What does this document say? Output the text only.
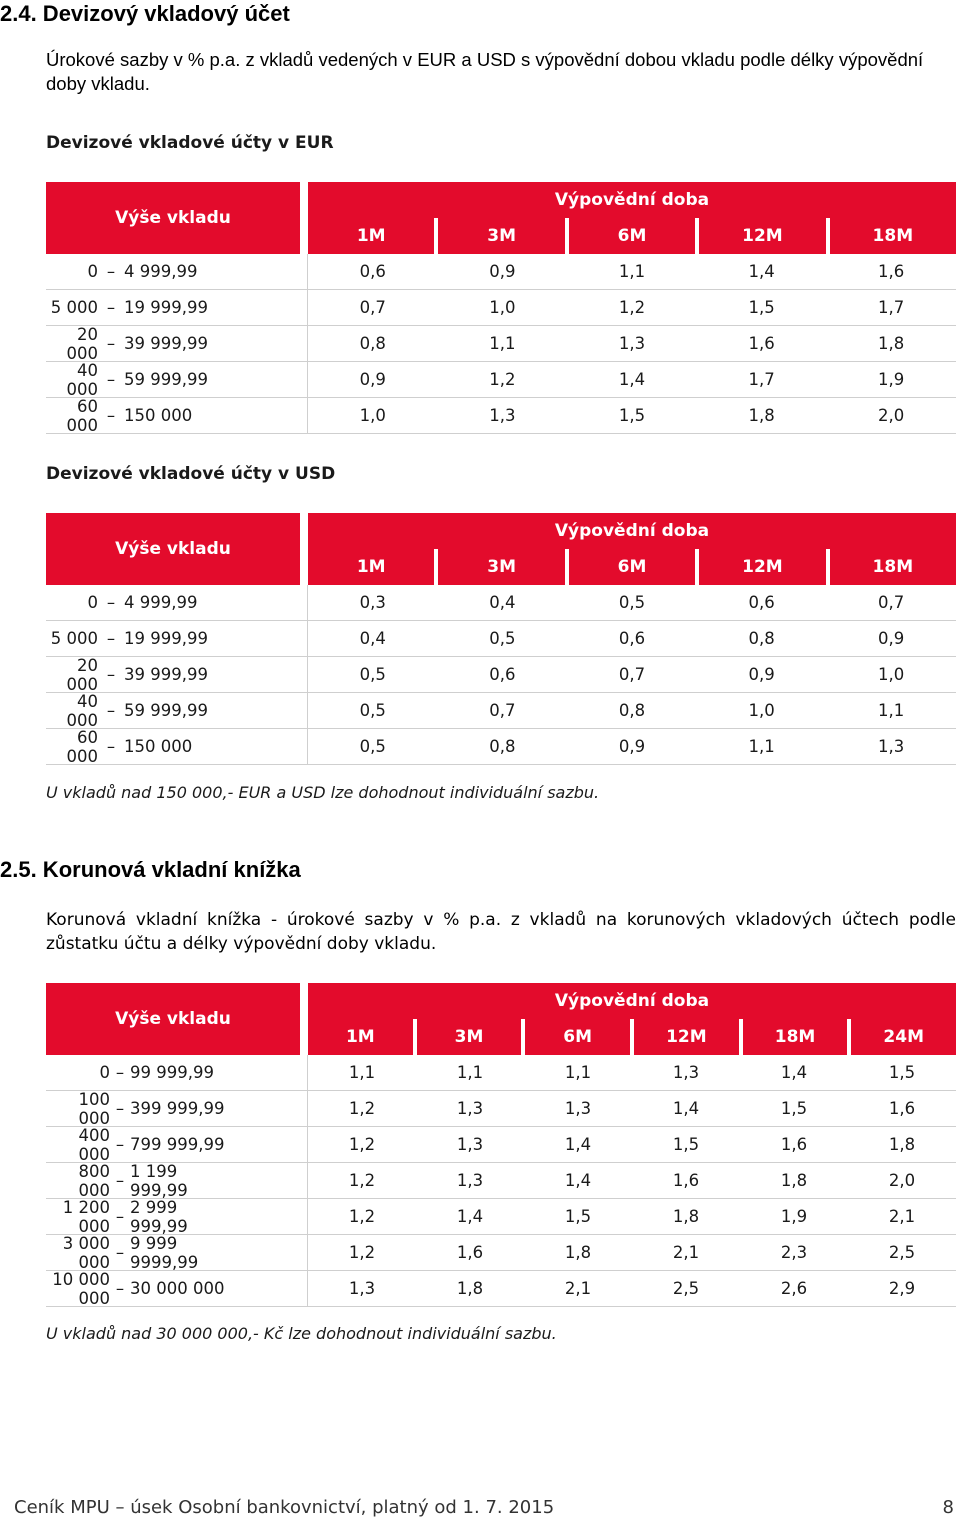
2.4. Devizový vkladový účet
Úrokové sazby v % p.a. z vkladů vedených v EUR a USD s výpovědní dobou vkladu podle délky výpovědní doby vkladu.
Devizové vkladové účty v EUR
Výše vkladu
Výpovědní doba
1M	3M	6M	12M	18M
0 – 4 999,99	0,6	0,9	1,1	1,4	1,6
5 000 – 19 999,99	0,7	1,0	1,2	1,5	1,7
20 000 – 39 999,99	0,8	1,1	1,3	1,6	1,8
40 000 – 59 999,99	0,9	1,2	1,4	1,7	1,9
60 000 – 150 000	1,0	1,3	1,5	1,8	2,0
Devizové vkladové účty v USD
Výše vkladu
Výpovědní doba
1M	3M	6M	12M	18M
0 – 4 999,99	0,3	0,4	0,5	0,6	0,7
5 000 – 19 999,99	0,4	0,5	0,6	0,8	0,9
20 000 – 39 999,99	0,5	0,6	0,7	0,9	1,0
40 000 – 59 999,99	0,5	0,7	0,8	1,0	1,1
60 000 – 150 000	0,5	0,8	0,9	1,1	1,3
U vkladů nad 150 000,- EUR a USD lze dohodnout individuální sazbu.
2.5. Korunová vkladní knížka
Korunová vkladní knížka - úrokové sazby v % p.a. z vkladů na korunových vkladových účtech podle zůstatku účtu a délky výpovědní doby vkladu.
Výše vkladu
Výpovědní doba
1M	3M	6M	12M	18M	24M
0 – 99 999,99	1,1	1,1	1,1	1,3	1,4	1,5
100 000 – 399 999,99	1,2	1,3	1,3	1,4	1,5	1,6
400 000 – 799 999,99	1,2	1,3	1,4	1,5	1,6	1,8
800 000 – 1 199 999,99	1,2	1,3	1,4	1,6	1,8	2,0
1 200 000 – 2 999 999,99	1,2	1,4	1,5	1,8	1,9	2,1
3 000 000 – 9 999 9999,99	1,2	1,6	1,8	2,1	2,3	2,5
10 000 000 – 30 000 000	1,3	1,8	2,1	2,5	2,6	2,9
U vkladů nad 30 000 000,- Kč lze dohodnout individuální sazbu.
Ceník MPU – úsek Osobní bankovnictví, platný od 1. 7. 2015	8
